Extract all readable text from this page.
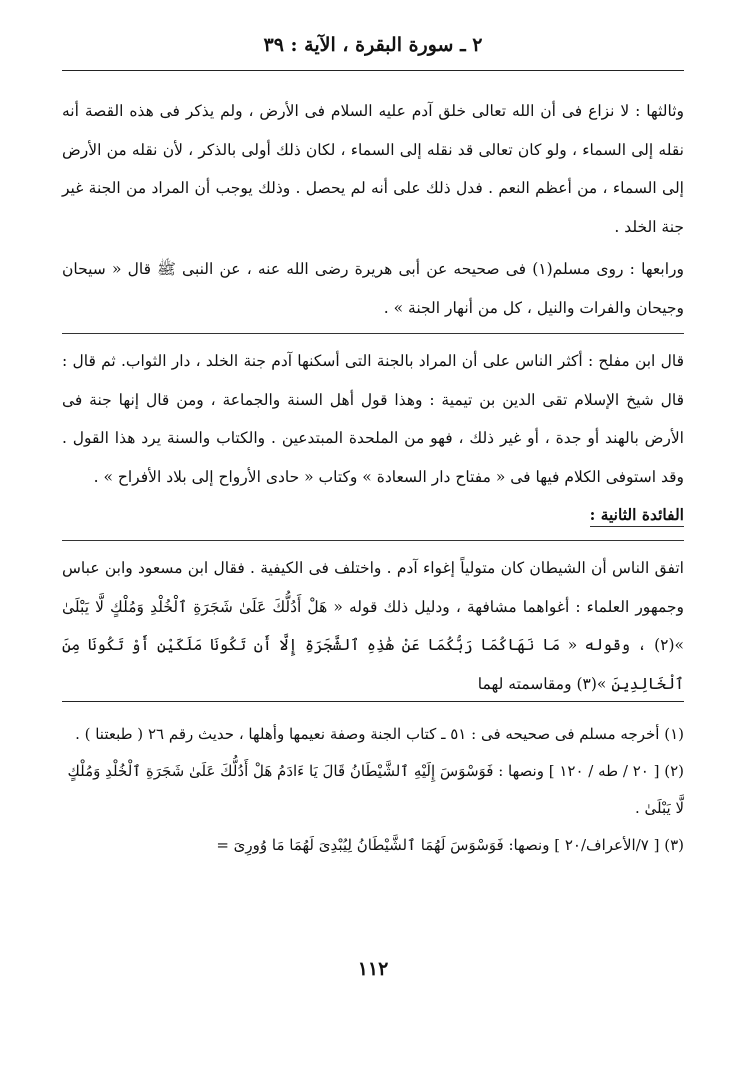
٢ ـ سورة البقرة ، الآية : ٣٩

وثالثها : لا نزاع فى أن الله تعالى خلق آدم عليه السلام فى الأرض ، ولم يذكر فى هذه القصة أنه نقله إلى السماء ، ولو كان تعالى قد نقله إلى السماء ، لكان ذلك أولى بالذكر ، لأن نقله من الأرض إلى السماء ، من أعظم النعم . فدل ذلك على أنه لم يحصل . وذلك يوجب أن المراد من الجنة غير جنة الخلد .

ورابعها : روى مسلم(١) فى صحيحه عن أبى هريرة رضى الله عنه ، عن النبى ﷺ قال « سيحان وجيحان والفرات والنيل ، كل من أنهار الجنة » .

قال ابن مفلح : أكثر الناس على أن المراد بالجنة التى أسكنها آدم جنة الخلد ، دار الثواب. ثم قال : قال شيخ الإسلام تقى الدين بن تيمية : وهذا قول أهل السنة والجماعة ، ومن قال إنها جنة فى الأرض بالهند أو جدة ، أو غير ذلك ، فهو من الملحدة المبتدعين . والكتاب والسنة يرد هذا القول . وقد استوفى الكلام فيها فى « مفتاح دار السعادة » وكتاب « حادى الأرواح إلى بلاد الأفراح » .

الفائدة الثانية :

اتفق الناس أن الشيطان كان متولياً إغواء آدم . واختلف فى الكيفية . فقال ابن مسعود وابن عباس وجمهور العلماء : أغواهما مشافهة ، ودليل ذلك قوله « هَلْ أَدُلُّكَ عَلَىٰ شَجَرَةِ ٱلْخُلْدِ وَمُلْكٍ لَّا يَبْلَىٰ »(٢) ، وقوله « مَا نَهَاكُمَا رَبُّكُمَا عَنْ هَٰذِهِ ٱلشَّجَرَةِ إِلَّا أَن تَكُونَا مَلَكَيْنِ أَوْ تَكُونَا مِنَ ٱلْخَالِدِينَ »(٣) ومقاسمته لهما

(١) أخرجه مسلم فى صحيحه فى : ٥١ ـ كتاب الجنة وصفة نعيمها وأهلها ، حديث رقم ٢٦ ( طبعتنا ) .

(٢) [ ٢٠ / طه / ١٢٠ ] ونصها : فَوَسْوَسَ إِلَيْهِ ٱلشَّيْطَانُ قَالَ يَا ءَادَمُ هَلْ أَدُلُّكَ عَلَىٰ شَجَرَةِ ٱلْخُلْدِ وَمُلْكٍ لَّا يَبْلَىٰ .

(٣) [ ٧/الأعراف/٢٠ ] ونصها: فَوَسْوَسَ لَهُمَا ٱلشَّيْطَانُ لِيُبْدِىَ لَهُمَا مَا وُورِىَ =

١١٢
